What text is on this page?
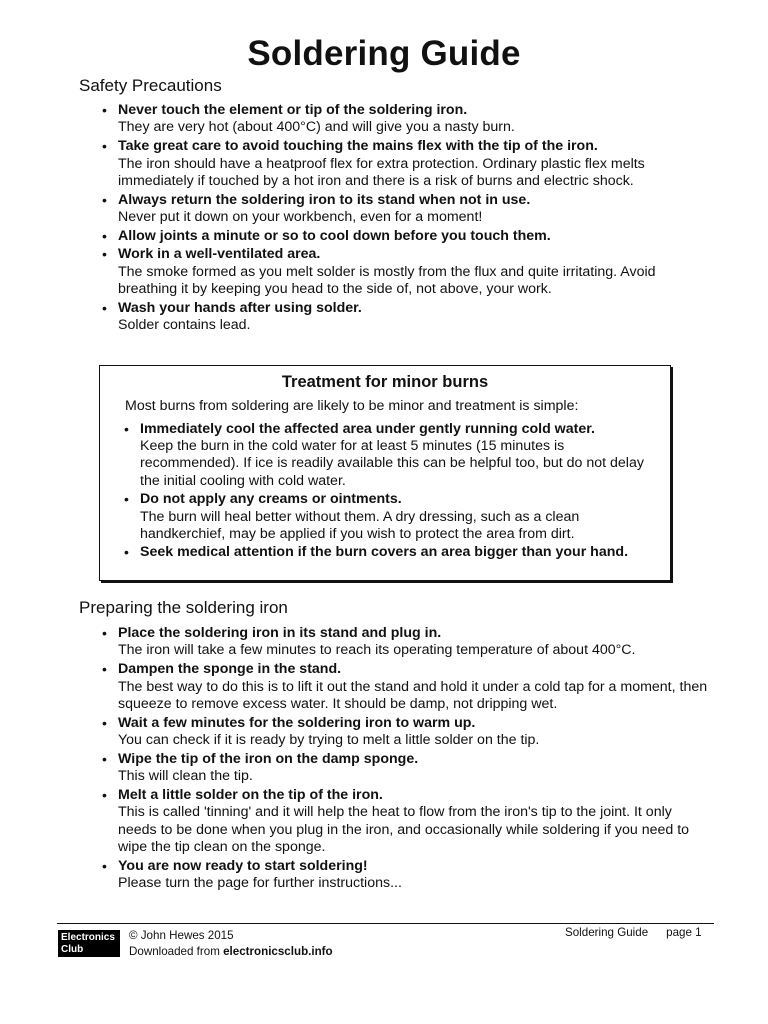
Soldering Guide
Safety Precautions
• Never touch the element or tip of the soldering iron.
They are very hot (about 400°C) and will give you a nasty burn.
• Take great care to avoid touching the mains flex with the tip of the iron.
The iron should have a heatproof flex for extra protection. Ordinary plastic flex melts immediately if touched by a hot iron and there is a risk of burns and electric shock.
• Always return the soldering iron to its stand when not in use.
Never put it down on your workbench, even for a moment!
• Allow joints a minute or so to cool down before you touch them.
• Work in a well-ventilated area.
The smoke formed as you melt solder is mostly from the flux and quite irritating. Avoid breathing it by keeping you head to the side of, not above, your work.
• Wash your hands after using solder.
Solder contains lead.
Treatment for minor burns
Most burns from soldering are likely to be minor and treatment is simple:
• Immediately cool the affected area under gently running cold water.
Keep the burn in the cold water for at least 5 minutes (15 minutes is recommended). If ice is readily available this can be helpful too, but do not delay the initial cooling with cold water.
• Do not apply any creams or ointments.
The burn will heal better without them. A dry dressing, such as a clean handkerchief, may be applied if you wish to protect the area from dirt.
• Seek medical attention if the burn covers an area bigger than your hand.
Preparing the soldering iron
• Place the soldering iron in its stand and plug in.
The iron will take a few minutes to reach its operating temperature of about 400°C.
• Dampen the sponge in the stand.
The best way to do this is to lift it out the stand and hold it under a cold tap for a moment, then squeeze to remove excess water. It should be damp, not dripping wet.
• Wait a few minutes for the soldering iron to warm up.
You can check if it is ready by trying to melt a little solder on the tip.
• Wipe the tip of the iron on the damp sponge.
This will clean the tip.
• Melt a little solder on the tip of the iron.
This is called 'tinning' and it will help the heat to flow from the iron's tip to the joint. It only needs to be done when you plug in the iron, and occasionally while soldering if you need to wipe the tip clean on the sponge.
• You are now ready to start soldering!
Please turn the page for further instructions...
Electronics
Club
© John Hewes 2015
Downloaded from electronicsclub.info
Soldering Guide page 1
